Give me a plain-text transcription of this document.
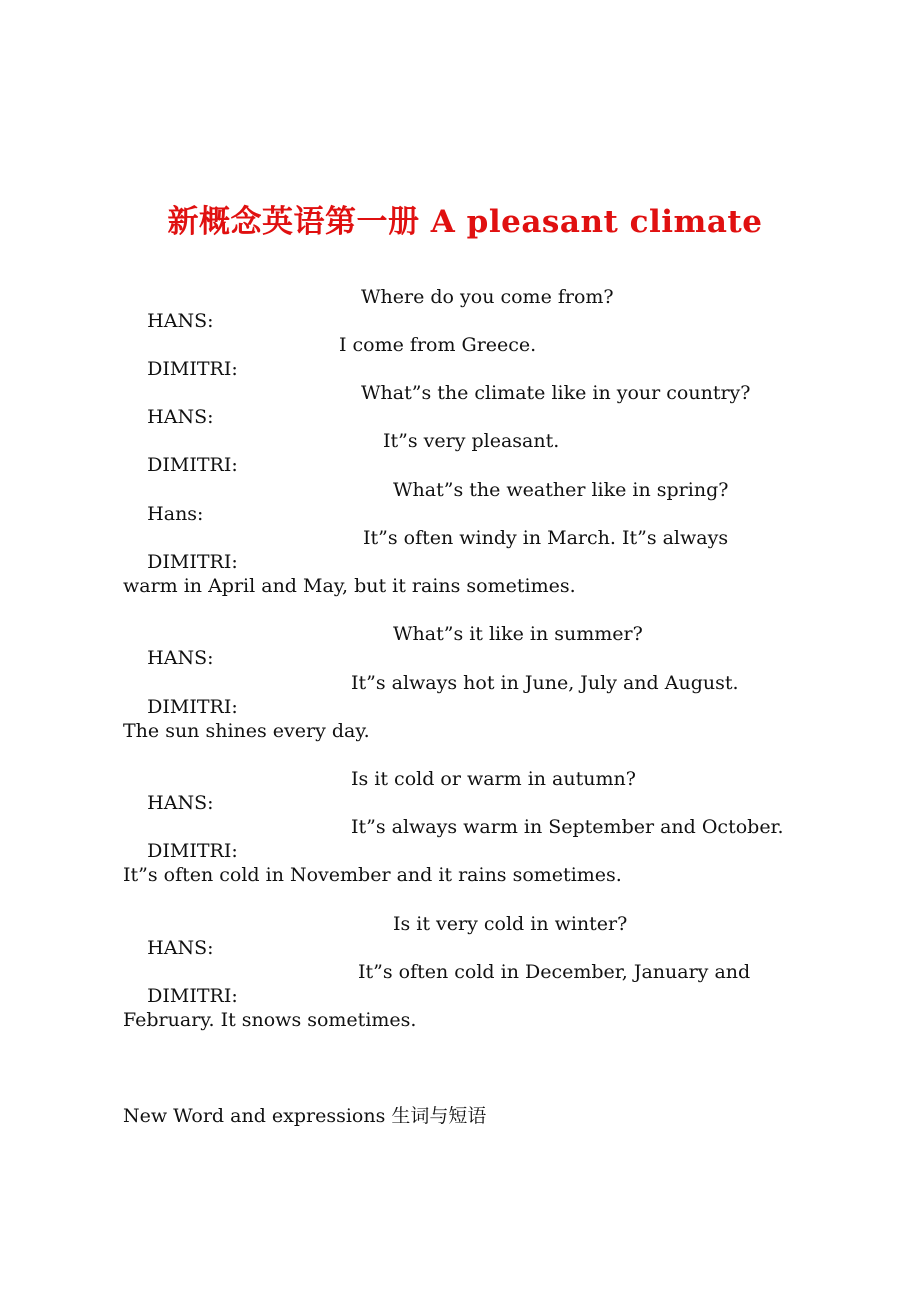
新概念英语第一册 A pleasant climate

HANS:

Where do you come from?

DIMITRI:

I come from Greece.

HANS:

What”s the climate like in your country?

DIMITRI:

It”s very pleasant.

Hans:

What”s the weather like in spring?

DIMITRI:

It”s often windy in March. It”s always

warm in April and May, but it rains sometimes.

HANS:

What”s it like in summer?

DIMITRI:

It”s always hot in June, July and August.

The sun shines every day.

HANS:

Is it cold or warm in autumn?

DIMITRI:

It”s always warm in September and October.

It”s often cold in November and it rains sometimes.

HANS:

Is it very cold in winter?

DIMITRI:

It”s often cold in December, January and

February. It snows sometimes.
New Word and expressions 生词与短语
